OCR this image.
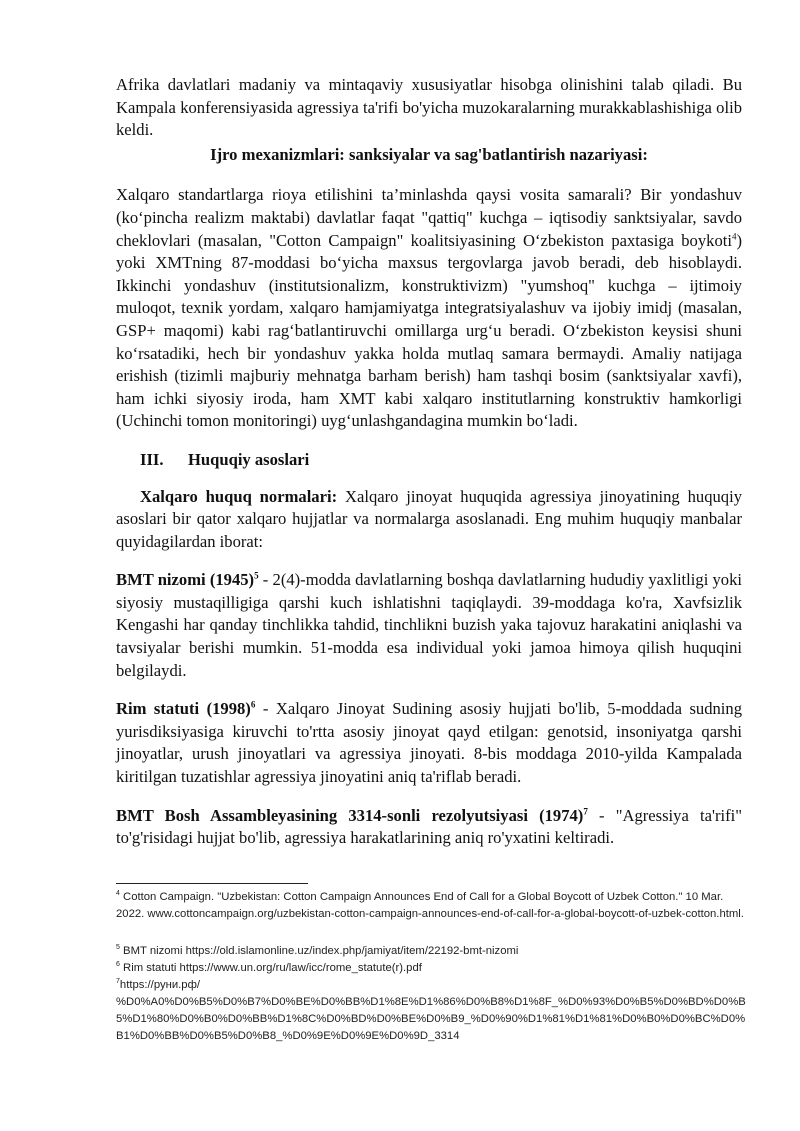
Afrika davlatlari madaniy va mintaqaviy xususiyatlar hisobga olinishini talab qiladi. Bu Kampala konferensiyasida agressiya ta'rifi bo'yicha muzokaralarning murakkablashishiga olib keldi.

Ijro mexanizmlari: sanksiyalar va sag'batlantirish nazariyasi:

Xalqaro standartlarga rioya etilishini ta’minlashda qaysi vosita samarali? Bir yondashuv (ko‘pincha realizm maktabi) davlatlar faqat "qattiq" kuchga – iqtisodiy sanktsiyalar, savdo cheklovlari (masalan, "Cotton Campaign" koalitsiyasining O‘zbekiston paxtasiga boykoti$^4$) yoki XMTning 87-moddasi bo‘yicha maxsus tergovlarga javob beradi, deb hisoblaydi. Ikkinchi yondashuv (institutsionalizm, konstruktivizm) "yumshoq" kuchga – ijtimoiy muloqot, texnik yordam, xalqaro hamjamiyatga integratsiyalashuv va ijobiy imidj (masalan, GSP+ maqomi) kabi rag‘batlantiruvchi omillarga urg‘u beradi. O‘zbekiston keysisi shuni ko‘rsatadiki, hech bir yondashuv yakka holda mutlaq samara bermaydi. Amaliy natijaga erishish (tizimli majburiy mehnatga barham berish) ham tashqi bosim (sanktsiyalar xavfi), ham ichki siyosiy iroda, ham XMT kabi xalqaro institutlarning konstruktiv hamkorligi (Uchinchi tomon monitoringi) uyg‘unlashgandagina mumkin bo‘ladi.

III. Huquqiy asoslari

Xalqaro huquq normalari: Xalqaro jinoyat huquqida agressiya jinoyatining huquqiy asoslari bir qator xalqaro hujjatlar va normalarga asoslanadi. Eng muhim huquqiy manbalar quyidagilardan iborat:

BMT nizomi $(1945)^5$ - 2(4)-modda davlatlarning boshqa davlatlarning hududiy yaxlitligi yoki siyosiy mustaqilligiga qarshi kuch ishlatishni taqiqlaydi. 39-moddaga ko'ra, Xavfsizlik Kengashi har qanday tinchlikka tahdid, tinchlikni buzish yaka tajovuz harakatini aniqlashi va tavsiyalar berishi mumkin. 51-modda esa individual yoki jamoa himoya qilish huquqini belgilaydi.

Rim statuti $(1998)^6$ - Xalqaro Jinoyat Sudining asosiy hujjati bo'lib, 5-moddada sudning yurisdiksiyasiga kiruvchi to'rtta asosiy jinoyat qayd etilgan: genotsid, insoniyatga qarshi jinoyatlar, urush jinoyatlari va agressiya jinoyati. 8-bis moddaga 2010-yilda Kampalada kiritilgan tuzatishlar agressiya jinoyatini aniq ta'riflab beradi.

BMT Bosh Assambleyasining 3314-sonli rezolyutsiyasi $(1974)^7$ - "Agressiya ta'rifi" to'g'risidagi hujjat bo'lib, agressiya harakatlarining aniq ro'yxatini keltiradi.

$^4$ Cotton Campaign. "Uzbekistan: Cotton Campaign Announces End of Call for a Global Boycott of Uzbek Cotton." 10 Mar. 2022. www.cottoncampaign.org/uzbekistan-cotton-campaign-announces-end-of-call-for-a-global-boycott-of-uzbek-cotton.html.

$^5$ BMT nizomi https://old.islamonline.uz/index.php/jamiyat/item/22192-bmt-nizomi

$^6$ Rim statuti https://www.un.org/ru/law/icc/rome_statute(r).pdf

$^7$https://руни.рф/

%D0%A0%D0%B5%D0%B7%D0%BE%D0%BB%D1%8E%D1%86%D0%B8%D1%8F_%D0%93%D0%B5%D0%BD%D0%B5%D1%80%D0%B0%D0%BB%D1%8C%D0%BD%D0%BE%D0%B9_%D0%90%D1%81%D1%81%D0%B0%D0%BC%D0%B1%D0%BB%D0%B5%D0%B8_%D0%9E%D0%9E%D0%9D_3314
